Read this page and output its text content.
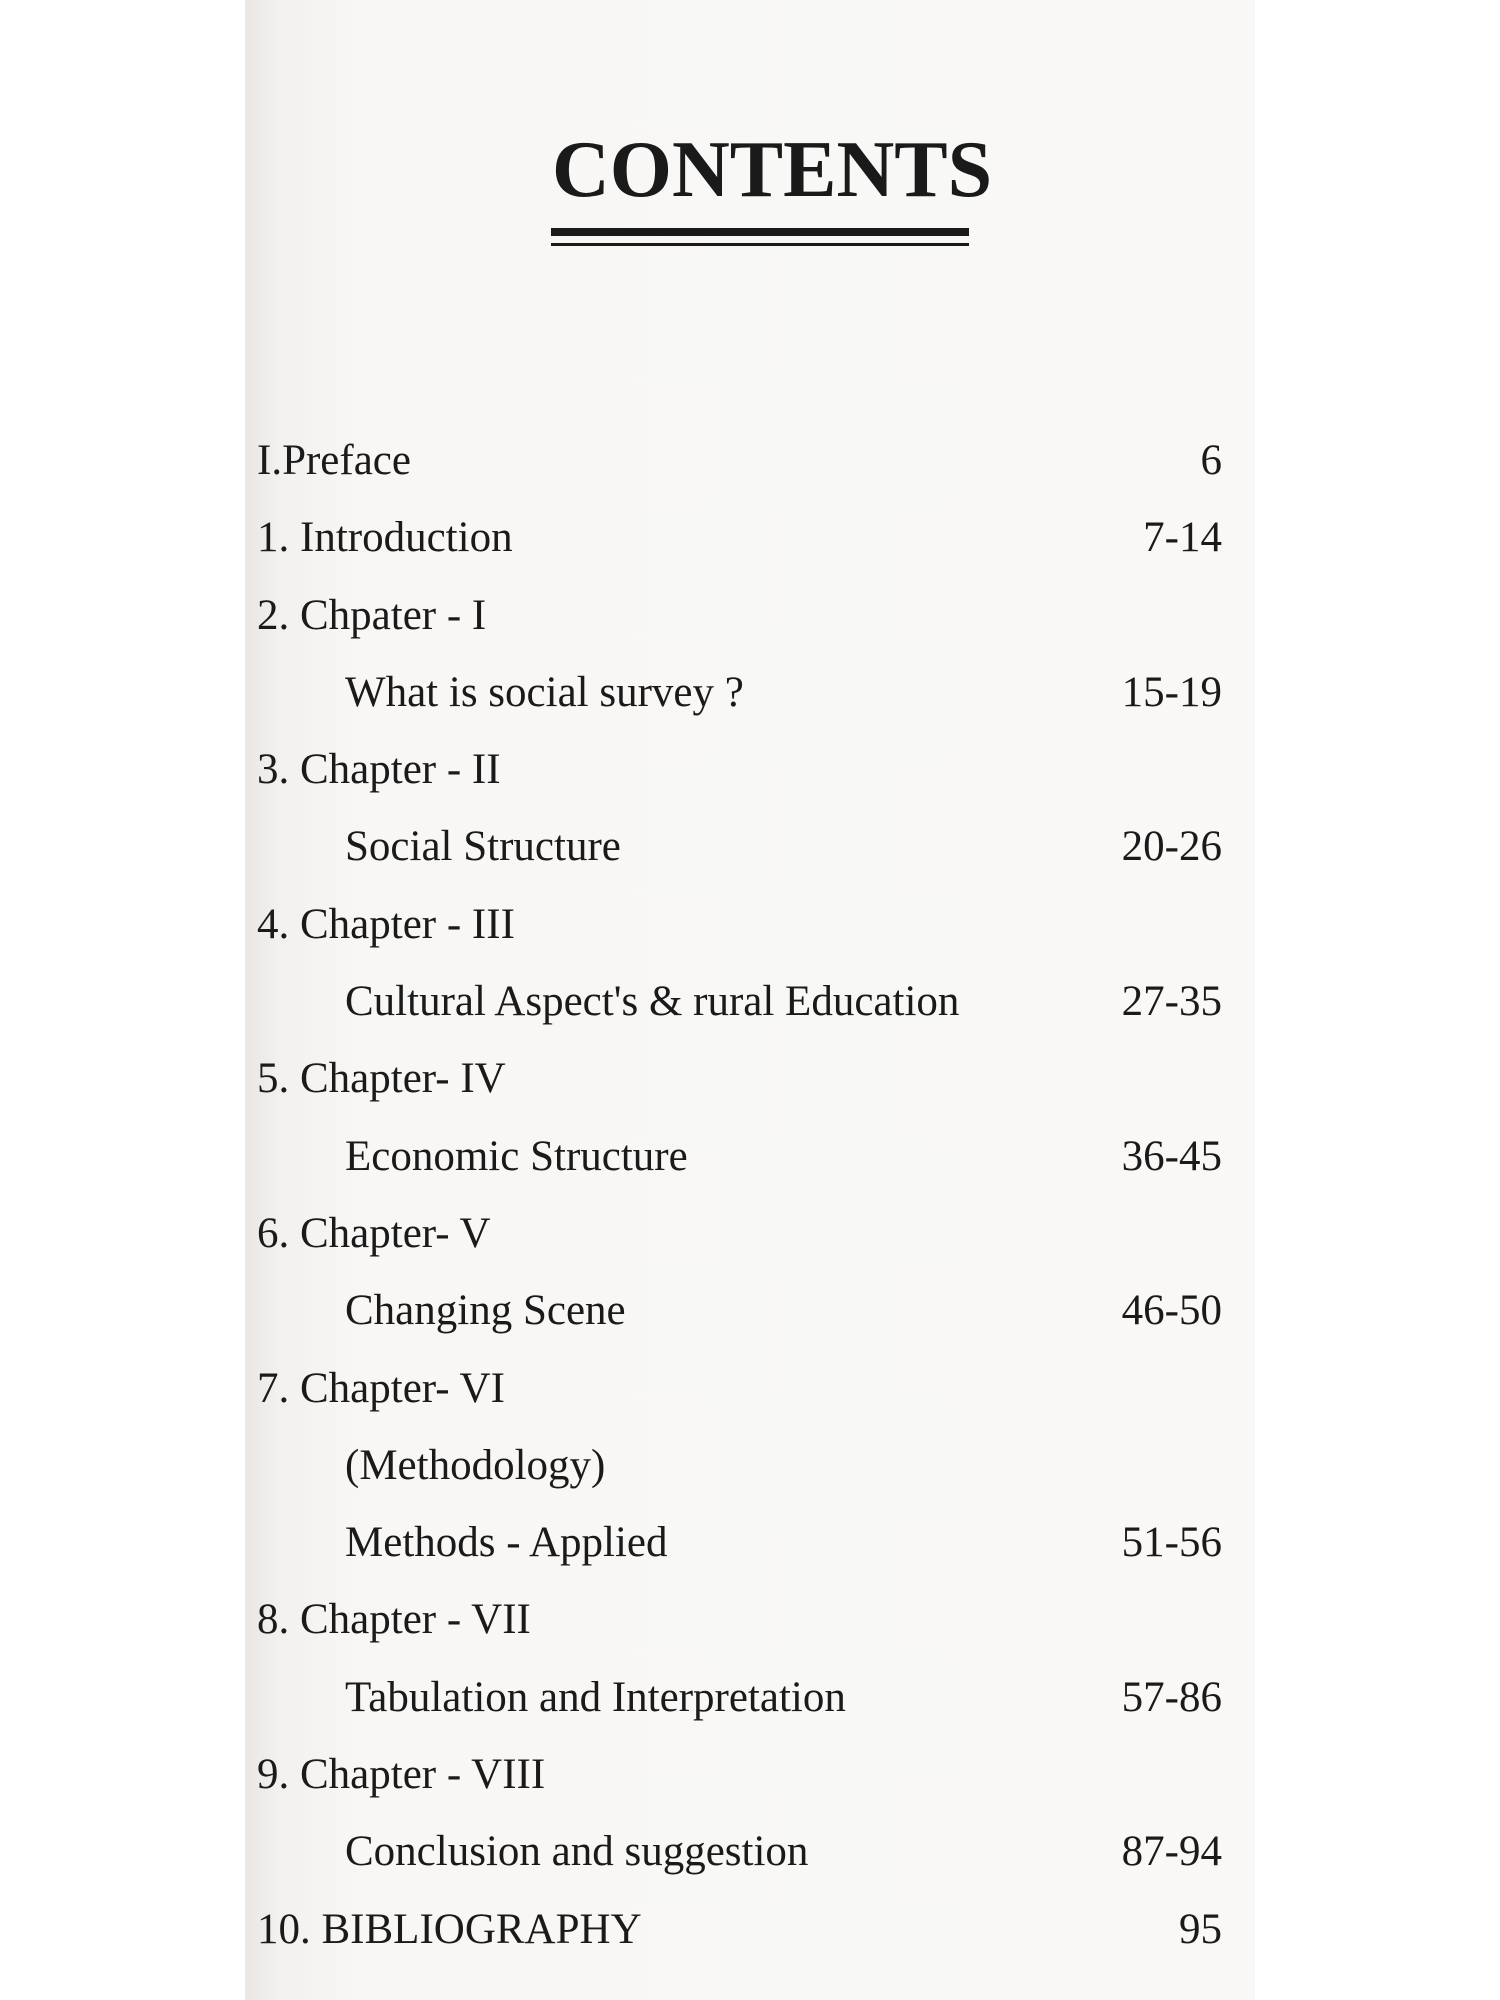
CONTENTS
I.Preface	6
1. Introduction	7-14
2. Chpater - I
What is social survey ?	15-19
3. Chapter - II
Social Structure	20-26
4. Chapter - III
Cultural Aspect's & rural Education	27-35
5. Chapter- IV
Economic Structure	36-45
6. Chapter- V
Changing Scene	46-50
7. Chapter- VI
(Methodology)
Methods - Applied	51-56
8. Chapter - VII
Tabulation and Interpretation	57-86
9. Chapter - VIII
Conclusion and suggestion	87-94
10. BIBLIOGRAPHY	95
